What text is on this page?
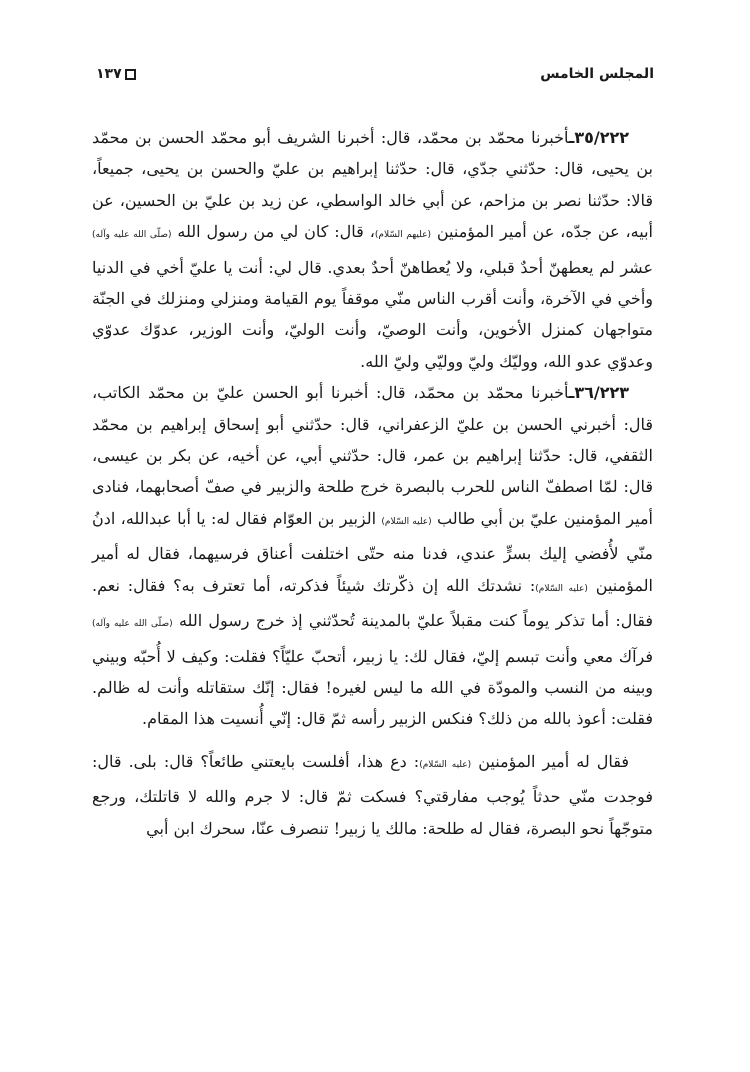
المجلس الخامس
١٣٧

٣٥/٢٢٢ـأخبرنا محمّد بن محمّد، قال: أخبرنا الشريف أبو محمّد الحسن بن محمّد بن يحيى، قال: حدّثني جدّي، قال: حدّثنا إبراهيم بن عليّ والحسن بن يحيى، جميعاً، قالا: حدّثنا نصر بن مزاحم، عن أبي خالد الواسطي، عن زيد بن عليّ بن الحسين، عن أبيه، عن جدّه، عن أمير المؤمنين (عليهم السّلام)، قال: كان لي من رسول الله (صلّى الله عليه وآله) عشر لم يعطهنّ أحدٌ قبلي، ولا يُعطاهنّ أحدٌ بعدي. قال لي: أنت يا عليّ أخي في الدنيا وأخي في الآخرة، وأنت أقرب الناس منّي موقفاً يوم القيامة ومنزلي ومنزلك في الجنّة متواجهان كمنزل الأخوين، وأنت الوصيّ، وأنت الوليّ، وأنت الوزير، عدوّك عدوّي وعدوّي عدو الله، ووليّك وليّ ووليّي وليّ الله.

٣٦/٢٢٣ـأخبرنا محمّد بن محمّد، قال: أخبرنا أبو الحسن عليّ بن محمّد الكاتب، قال: أخبرني الحسن بن عليّ الزعفراني، قال: حدّثني أبو إسحاق إبراهيم بن محمّد الثقفي، قال: حدّثنا إبراهيم بن عمر، قال: حدّثني أبي، عن أخيه، عن بكر بن عيسى، قال: لمّا اصطفّ الناس للحرب بالبصرة خرج طلحة والزبير في صفّ أصحابهما، فنادى أمير المؤمنين عليّ بن أبي طالب (عليه السّلام) الزبير بن العوّام فقال له: يا أبا عبدالله، ادنُ منّي لأُفضي إليك بسرٍّ عندي، فدنا منه حتّى اختلفت أعناق فرسيهما، فقال له أمير المؤمنين (عليه السّلام): نشدتك الله إن ذكّرتك شيئاً فذكرته، أما تعترف به؟ فقال: نعم. فقال: أما تذكر يوماً كنت مقبلاً عليّ بالمدينة تُحدّثني إذ خرج رسول الله (صلّى الله عليه وآله) فرآك معي وأنت تبسم إليّ، فقال لك: يا زبير، أتحبّ عليّاً؟ فقلت: وكيف لا أُحبّه وبيني وبينه من النسب والمودّة في الله ما ليس لغيره! فقال: إنّك ستقاتله وأنت له ظالم. فقلت: أعوذ بالله من ذلك؟ فنكس الزبير رأسه ثمّ قال: إنّي أُنسيت هذا المقام.

فقال له أمير المؤمنين (عليه السّلام): دع هذا، أفلست بايعتني طائعاً؟ قال: بلى. قال: فوجدت منّي حدثاً يُوجب مفارقتي؟ فسكت ثمّ قال: لا جرم والله لا قاتلتك، ورجع متوجّهاً نحو البصرة، فقال له طلحة: مالك يا زبير! تنصرف عنّا، سحرك ابن أبي
